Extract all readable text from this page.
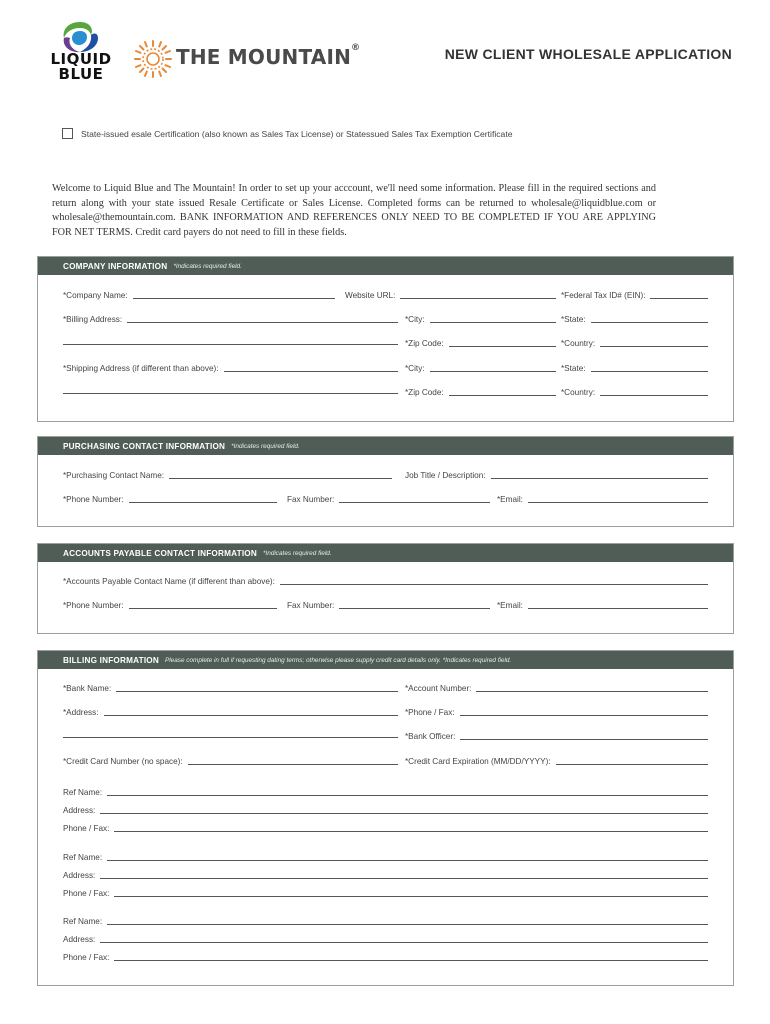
LIQUID
BLUE
THE MOUNTAIN®	NEW CLIENT WHOLESALE APPLICATION
State-issued esale Certification (also known as Sales Tax License) or Statessued Sales Tax Exemption Certificate
Welcome to Liquid Blue and The Mountain! In order to set up your acccount, we'll need some information. Please fill in the required sections and return along with your state issued Resale Certificate or Sales License. Completed forms can be returned to wholesale@liquidblue.com or wholesale@themountain.com. BANK INFORMATION AND REFERENCES ONLY NEED TO BE COMPLETED IF YOU ARE APPLYING FOR NET TERMS. Credit card payers do not need to fill in these fields.
COMPANY INFORMATION *Indicates required field.
*Company Name:	Website URL:	*Federal Tax ID# (EIN):
*Billing Address:	*City:	*State:
*Zip Code:	*Country:
*Shipping Address (if different than above):	*City:	*State:
*Zip Code:	*Country:
PURCHASING CONTACT INFORMATION *Indicates required field.
*Purchasing Contact Name:	Job Title / Description:
*Phone Number:	Fax Number:	*Email:
ACCOUNTS PAYABLE CONTACT INFORMATION *Indicates required field.
*Accounts Payable Contact Name (if different than above):
*Phone Number:	Fax Number:	*Email:
BILLING INFORMATION Please complete in full if requesting dating terms; otherwise please supply credit card details only. *Indicates required field.
*Bank Name:	*Account Number:
*Address:	*Phone / Fax:
*Bank Officer:
*Credit Card Number (no space):	*Credit Card Expiration (MM/DD/YYYY):
Ref Name:
Address:
Phone / Fax:
Ref Name:
Address:
Phone / Fax:
Ref Name:
Address:
Phone / Fax:
